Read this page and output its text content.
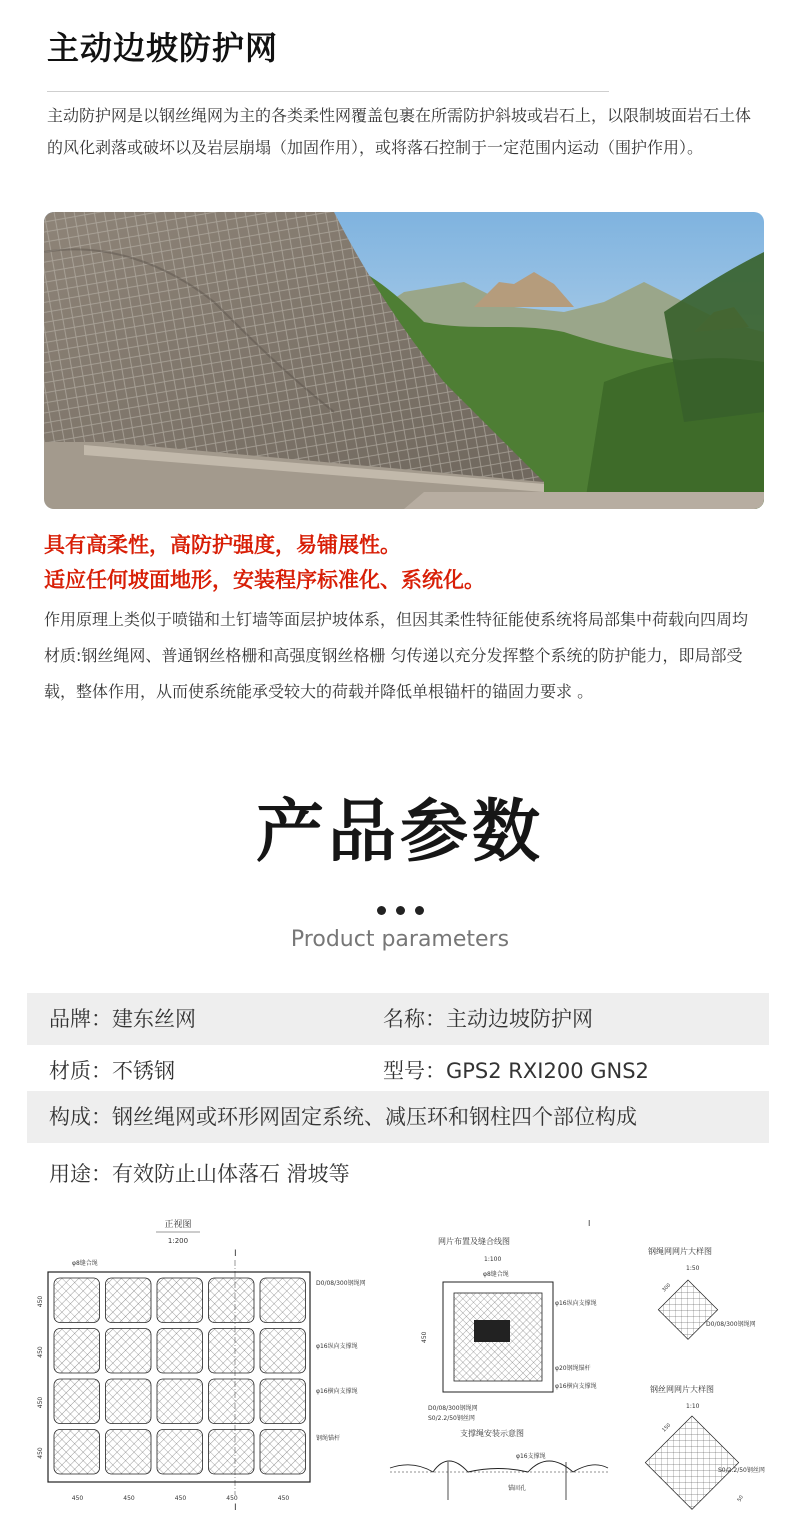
主动边坡防护网
主动防护网是以钢丝绳网为主的各类柔性网覆盖包裹在所需防护斜坡或岩石上，以限制坡面岩石土体的风化剥落或破坏以及岩层崩塌（加固作用），或将落石控制于一定范围内运动（围护作用）。
具有高柔性，高防护强度，易铺展性。
适应任何坡面地形，安装程序标准化、系统化。
作用原理上类似于喷锚和土钉墙等面层护坡体系，但因其柔性特征能使系统将局部集中荷载向四周均材质:钢丝绳网、普通钢丝格栅和高强度钢丝格栅 匀传递以充分发挥整个系统的防护能力，即局部受载，整体作用，从而使系统能承受较大的荷载并降低单根锚杆的锚固力要求 。
产品参数
Product parameters
品牌：建东丝网	名称：主动边坡防护网
材质：不锈钢	型号：GPS2 RXI200 GNS2
构成：钢丝绳网或环形网固定系统、减压环和钢柱四个部位构成
用途：有效防止山体落石 滑坡等
正视图
1:200
I
I
φ8缝合绳
D0/08/300钢绳网
φ16纵向支撑绳
φ16横向支撑绳
钢绳锚杆
450	450	450	450	450
450
450
450
450
网片布置及缝合线图
1:100
I
φ8缝合绳
450
φ16纵向支撑绳
φ20钢绳锚杆
φ16横向支撑绳
D0/08/300钢绳网
S0/2.2/50钢丝网
支撑绳安装示意图
φ16支撑绳
锚固孔
钢绳网网片大样图
1:50
300
D0/08/300钢绳网
钢丝网网片大样图
1:10
150
50
S0/2.2/50钢丝网
